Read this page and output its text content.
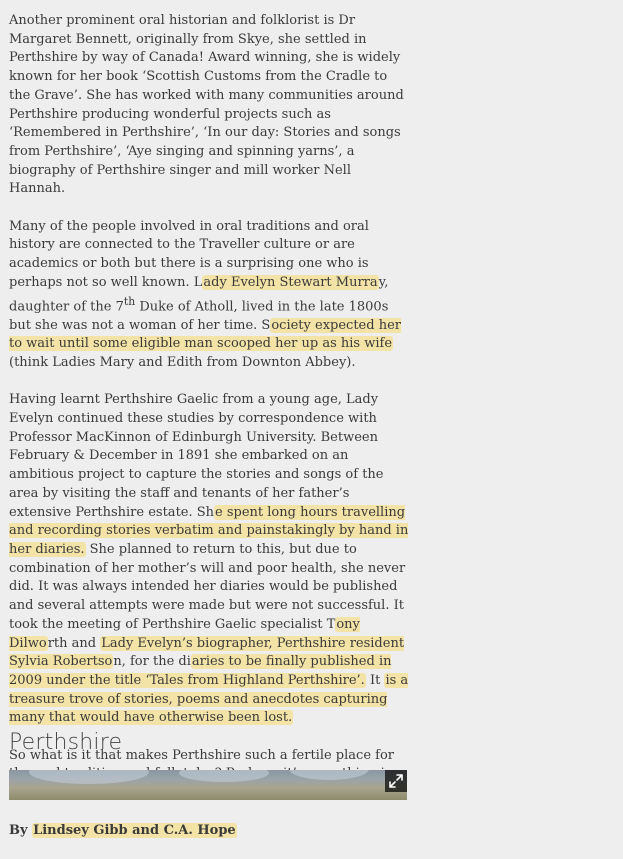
Another prominent oral historian and folklorist is Dr Margaret Bennett, originally from Skye, she settled in Perthshire by way of Canada! Award winning, she is widely known for her book ‘Scottish Customs from the Cradle to the Grave’. She has worked with many communities around Perthshire producing wonderful projects such as ‘Remembered in Perthshire’, ‘In our day: Stories and songs from Perthshire’, ‘Aye singing and spinning yarns’, a biography of Perthshire singer and mill worker Nell Hannah.

Many of the people involved in oral traditions and oral history are connected to the Traveller culture or are academics or both but there is a surprising one who is perhaps not so well known. Lady Evelyn Stewart Murray, daughter of the 7th Duke of Atholl, lived in the late 1800s but she was not a woman of her time. Society expected her to wait until some eligible man scooped her up as his wife (think Ladies Mary and Edith from Downton Abbey).

Having learnt Perthshire Gaelic from a young age, Lady Evelyn continued these studies by correspondence with Professor MacKinnon of Edinburgh University. Between February & December in 1891 she embarked on an ambitious project to capture the stories and songs of the area by visiting the staff and tenants of her father’s extensive Perthshire estate. She spent long hours travelling and recording stories verbatim and painstakingly by hand in her diaries. She planned to return to this, but due to combination of her mother’s will and poor health, she never did. It was always intended her diaries would be published and several attempts were made but were not successful. It took the meeting of Perthshire Gaelic specialist Tony Dilworth and Lady Evelyn’s biographer, Perthshire resident Sylvia Robertson, for the diaries to be finally published in 2009 under the title ‘Tales from Highland Perthshire’. It is a treasure trove of stories, poems and anecdotes capturing many that would have otherwise been lost.

So what is it that makes Perthshire such a fertile place for

By Lindsey Gibb and C.A. Hope

Perthshire
